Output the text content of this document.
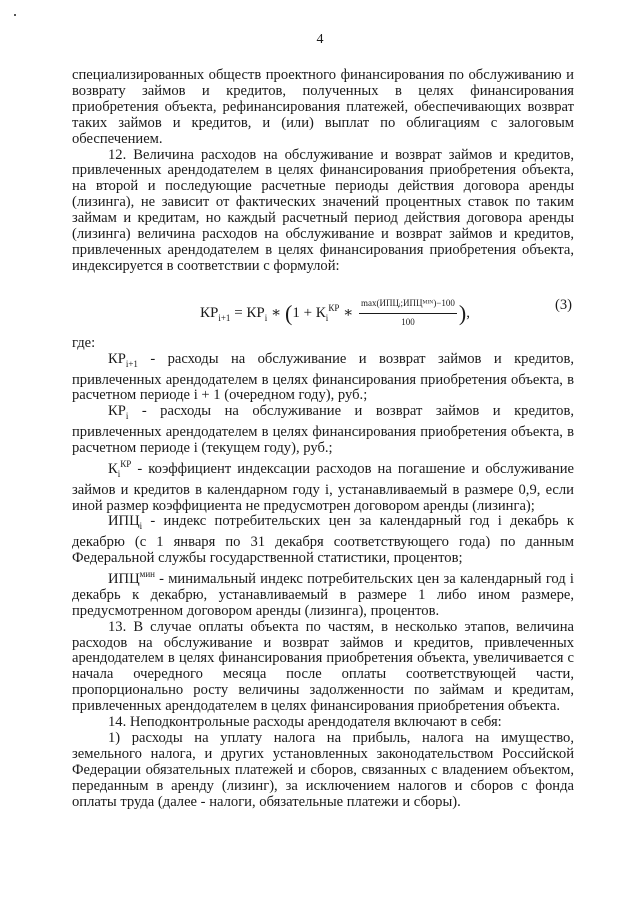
4

специализированных обществ проектного финансирования по обслуживанию и возврату займов и кредитов, полученных в целях финансирования приобретения объекта, рефинансирования платежей, обеспечивающих возврат таких займов и кредитов, и (или) выплат по облигациям с залоговым обеспечением.

12. Величина расходов на обслуживание и возврат займов и кредитов, привлеченных арендодателем в целях финансирования приобретения объекта, на второй и последующие расчетные периоды действия договора аренды (лизинга), не зависит от фактических значений процентных ставок по таким займам и кредитам, но каждый расчетный период действия договора аренды (лизинга) величина расходов на обслуживание и возврат займов и кредитов, привлеченных арендодателем в целях финансирования приобретения объекта, индексируется в соответствии с формулой:

$КР_{i+1} = КР_i$ ∗ ($1 + К_i^{КР}$ ∗ $\frac{\text{max(ИПЦᵢ;ИПЦᴹᴵᴺ)−100}}{100}$ ),	(3)

где:

$КР_{i+1}$ - расходы на обслуживание и возврат займов и кредитов, привлеченных арендодателем в целях финансирования приобретения объекта, в расчетном периоде i + 1 (очередном году), руб.;

$КР_i$ - расходы на обслуживание и возврат займов и кредитов, привлеченных арендодателем в целях финансирования приобретения объекта, в расчетном периоде i (текущем году), руб.;

$К_i^{КР}$ - коэффициент индексации расходов на погашение и обслуживание займов и кредитов в календарном году i, устанавливаемый в размере 0,9, если иной размер коэффициента не предусмотрен договором аренды (лизинга);

$ИПЦ_i$ - индекс потребительских цен за календарный год i декабрь к декабрю (с 1 января по 31 декабря соответствующего года) по данным Федеральной службы государственной статистики, процентов;

$ИПЦ^{мин}$ - минимальный индекс потребительских цен за календарный год i декабрь к декабрю, устанавливаемый в размере 1 либо ином размере, предусмотренном договором аренды (лизинга), процентов.

13. В случае оплаты объекта по частям, в несколько этапов, величина расходов на обслуживание и возврат займов и кредитов, привлеченных арендодателем в целях финансирования приобретения объекта, увеличивается с начала очередного месяца после оплаты соответствующей части, пропорционально росту величины задолженности по займам и кредитам, привлеченных арендодателем в целях финансирования приобретения объекта.

14. Неподконтрольные расходы арендодателя включают в себя:

1) расходы на уплату налога на прибыль, налога на имущество, земельного налога, и других установленных законодательством Российской Федерации обязательных платежей и сборов, связанных с владением объектом, переданным в аренду (лизинг), за исключением налогов и сборов с фонда оплаты труда (далее - налоги, обязательные платежи и сборы).
